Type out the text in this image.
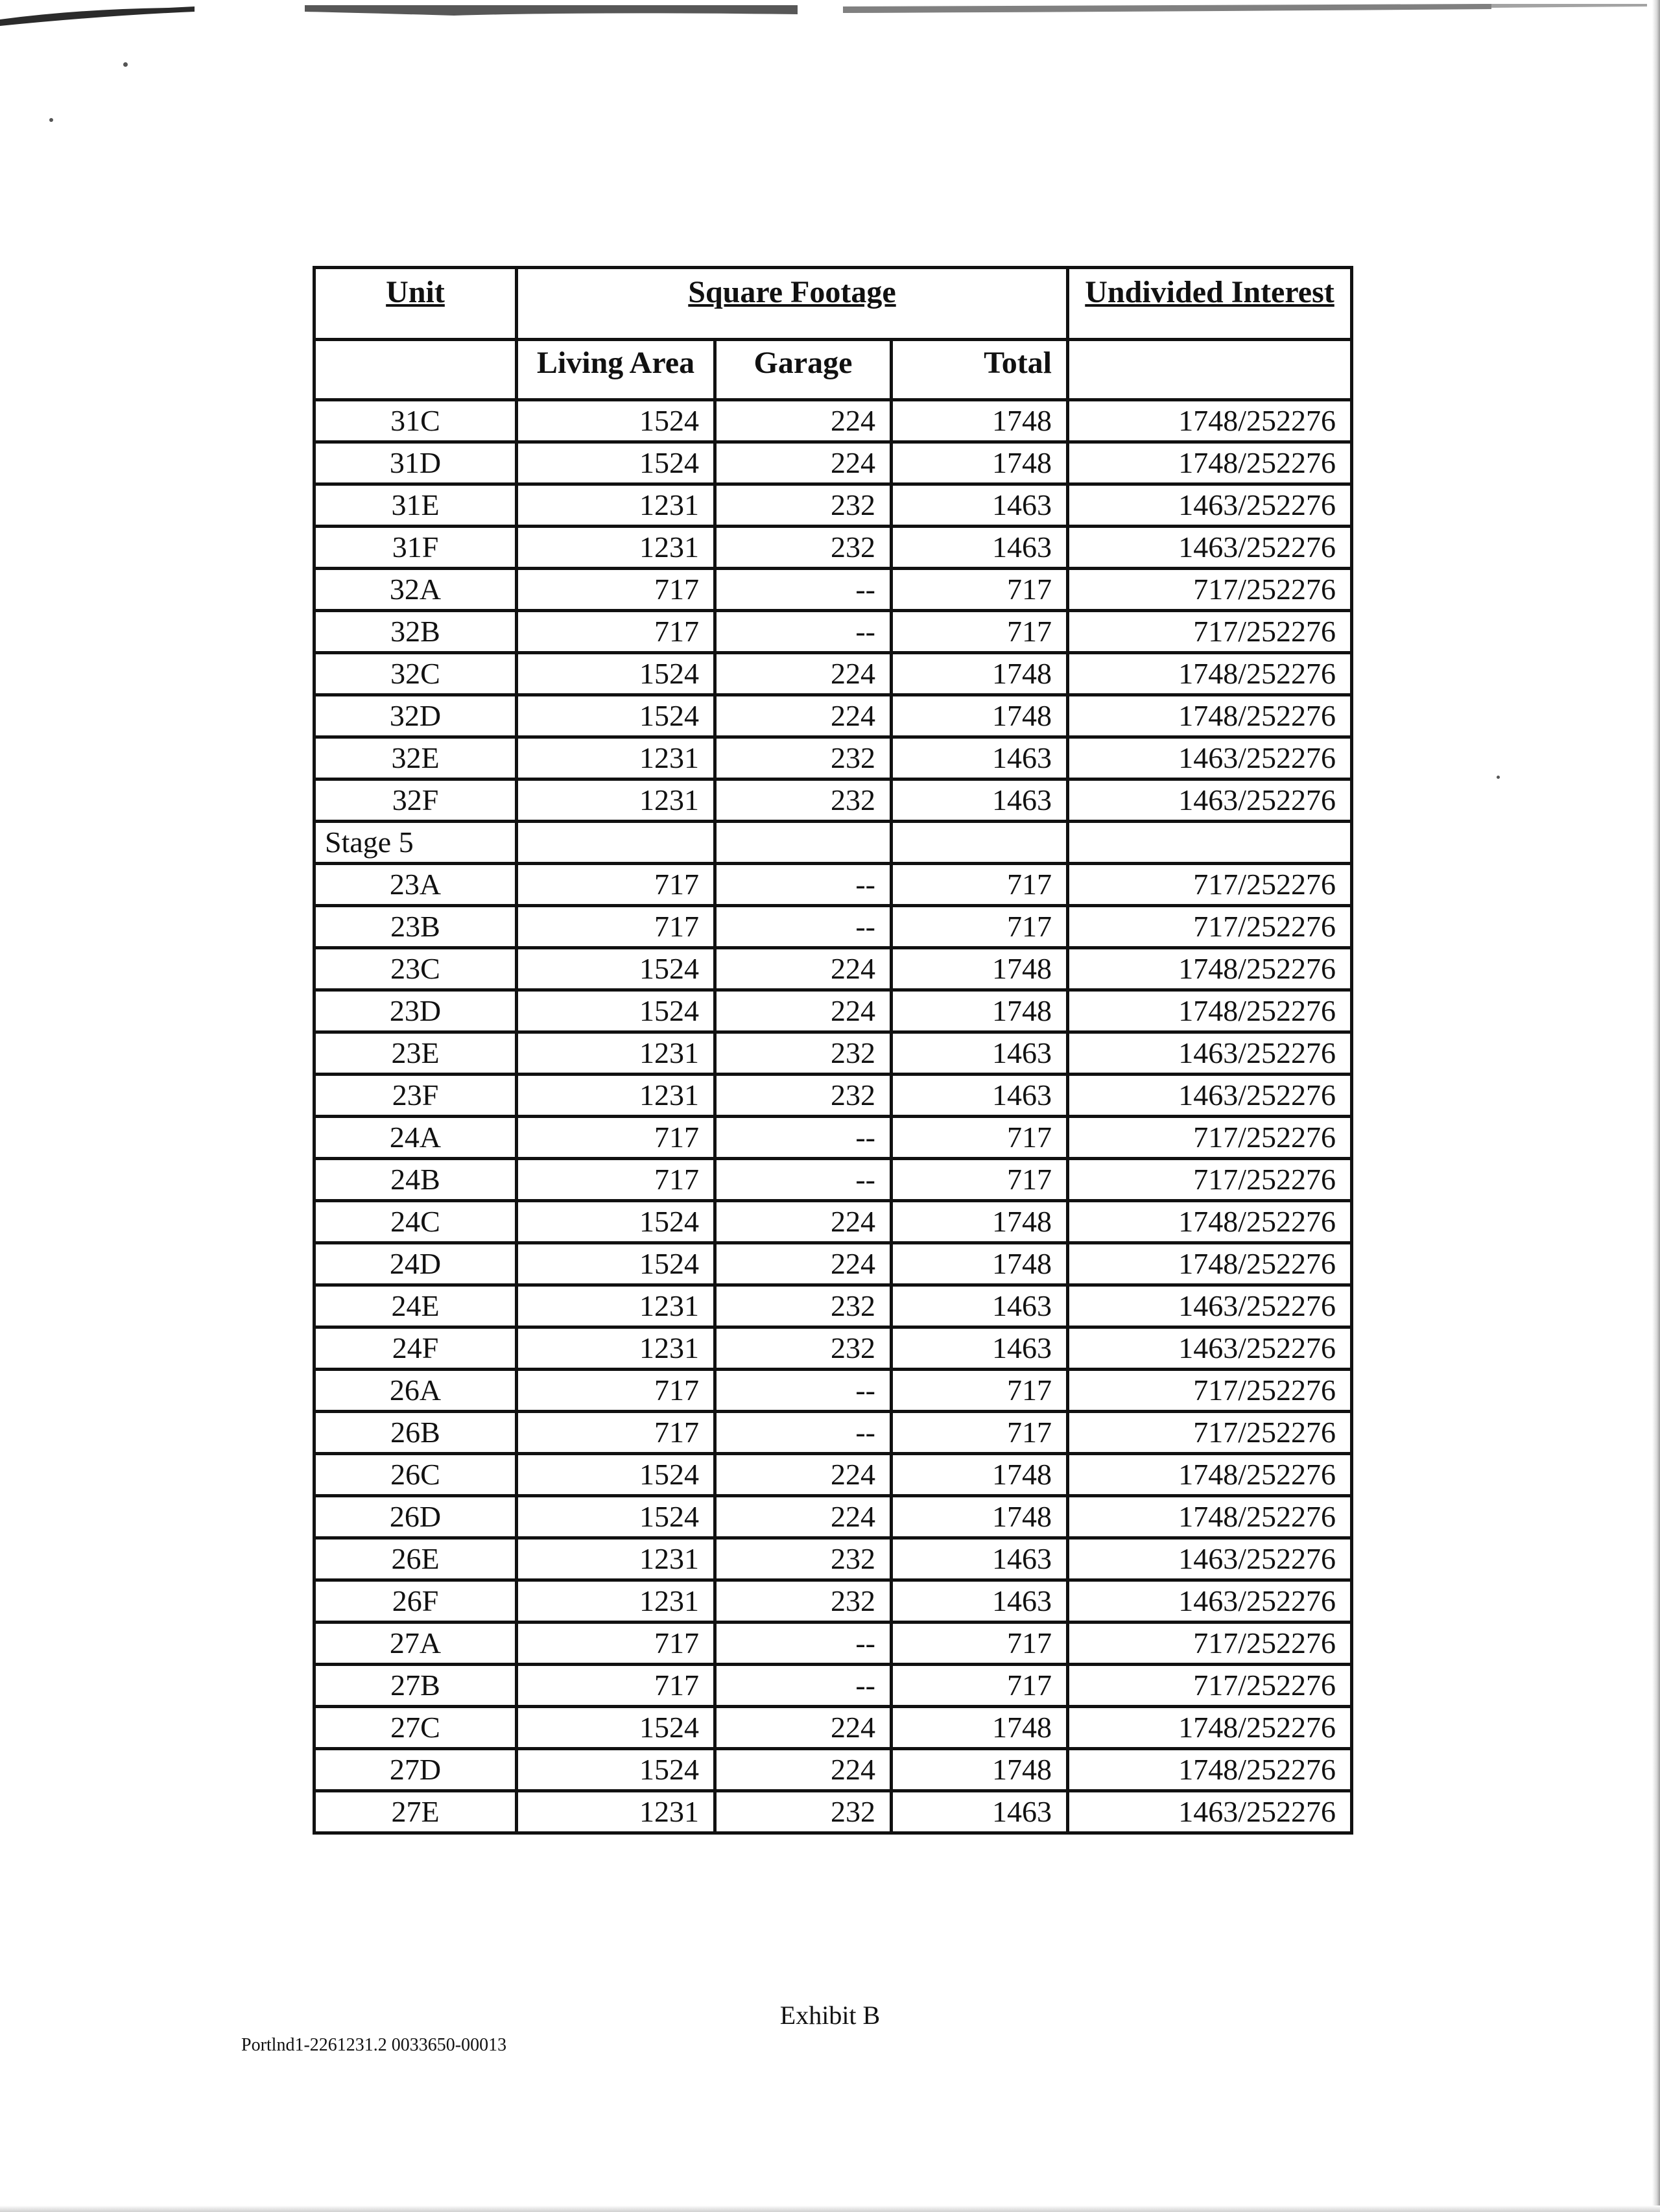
Unit	Square Footage			Undivided Interest
	Living Area	Garage	Total	
31C	1524	224	1748	1748/252276
31D	1524	224	1748	1748/252276
31E	1231	232	1463	1463/252276
31F	1231	232	1463	1463/252276
32A	717	--	717	717/252276
32B	717	--	717	717/252276
32C	1524	224	1748	1748/252276
32D	1524	224	1748	1748/252276
32E	1231	232	1463	1463/252276
32F	1231	232	1463	1463/252276
Stage 5				
23A	717	--	717	717/252276
23B	717	--	717	717/252276
23C	1524	224	1748	1748/252276
23D	1524	224	1748	1748/252276
23E	1231	232	1463	1463/252276
23F	1231	232	1463	1463/252276
24A	717	--	717	717/252276
24B	717	--	717	717/252276
24C	1524	224	1748	1748/252276
24D	1524	224	1748	1748/252276
24E	1231	232	1463	1463/252276
24F	1231	232	1463	1463/252276
26A	717	--	717	717/252276
26B	717	--	717	717/252276
26C	1524	224	1748	1748/252276
26D	1524	224	1748	1748/252276
26E	1231	232	1463	1463/252276
26F	1231	232	1463	1463/252276
27A	717	--	717	717/252276
27B	717	--	717	717/252276
27C	1524	224	1748	1748/252276
27D	1524	224	1748	1748/252276
27E	1231	232	1463	1463/252276
Exhibit B
Portlnd1-2261231.2 0033650-00013
